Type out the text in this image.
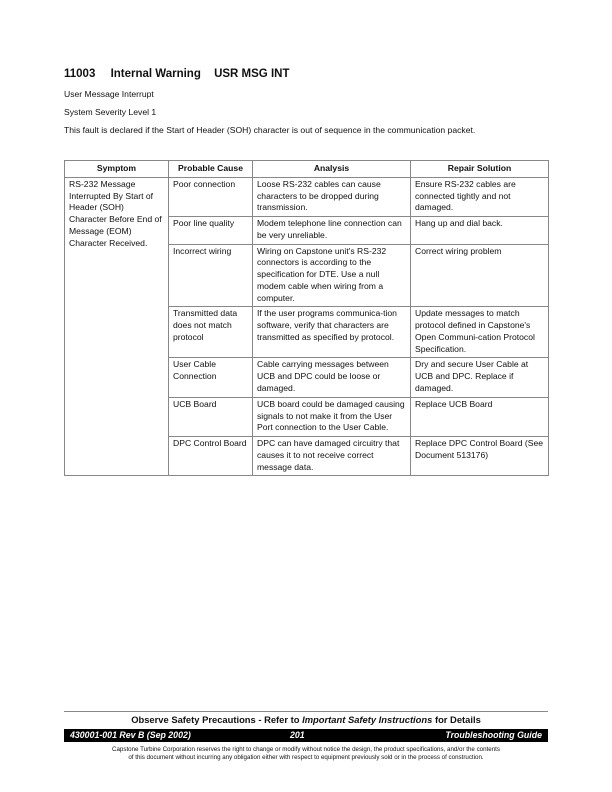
11003 Internal Warning USR MSG INT
User Message Interrupt
System Severity Level 1
This fault is declared if the Start of Header (SOH) character is out of sequence in the communication packet.
Symptom	Probable Cause	Analysis	Repair Solution
RS-232 Message Interrupted By Start of Header (SOH) Character Before End of Message (EOM) Character Received.	Poor connection	Loose RS-232 cables can cause characters to be dropped during transmission.	Ensure RS-232 cables are connected tightly and not damaged.
	Poor line quality	Modem telephone line connection can be very unreliable.	Hang up and dial back.
	Incorrect wiring	Wiring on Capstone unit's RS-232 connectors is according to the specification for DTE. Use a null modem cable when wiring from a computer.	Correct wiring problem
	Transmitted data does not match protocol	If the user programs communica-tion software, verify that characters are transmitted as specified by protocol.	Update messages to match protocol defined in Capstone's Open Communi-cation Protocol Specification.
	User Cable Connection	Cable carrying messages between UCB and DPC could be loose or damaged.	Dry and secure User Cable at UCB and DPC. Replace if damaged.
	UCB Board	UCB board could be damaged causing signals to not make it from the User Port connection to the User Cable.	Replace UCB Board
	DPC Control Board	DPC can have damaged circuitry that causes it to not receive correct message data.	Replace DPC Control Board (See Document 513176)
Observe Safety Precautions - Refer to Important Safety Instructions for Details
430001-001 Rev B (Sep 2002)	201	Troubleshooting Guide
Capstone Turbine Corporation reserves the right to change or modify without notice the design, the product specifications, and/or the contents
of this document without incurring any obligation either with respect to equipment previously sold or in the process of construction.
